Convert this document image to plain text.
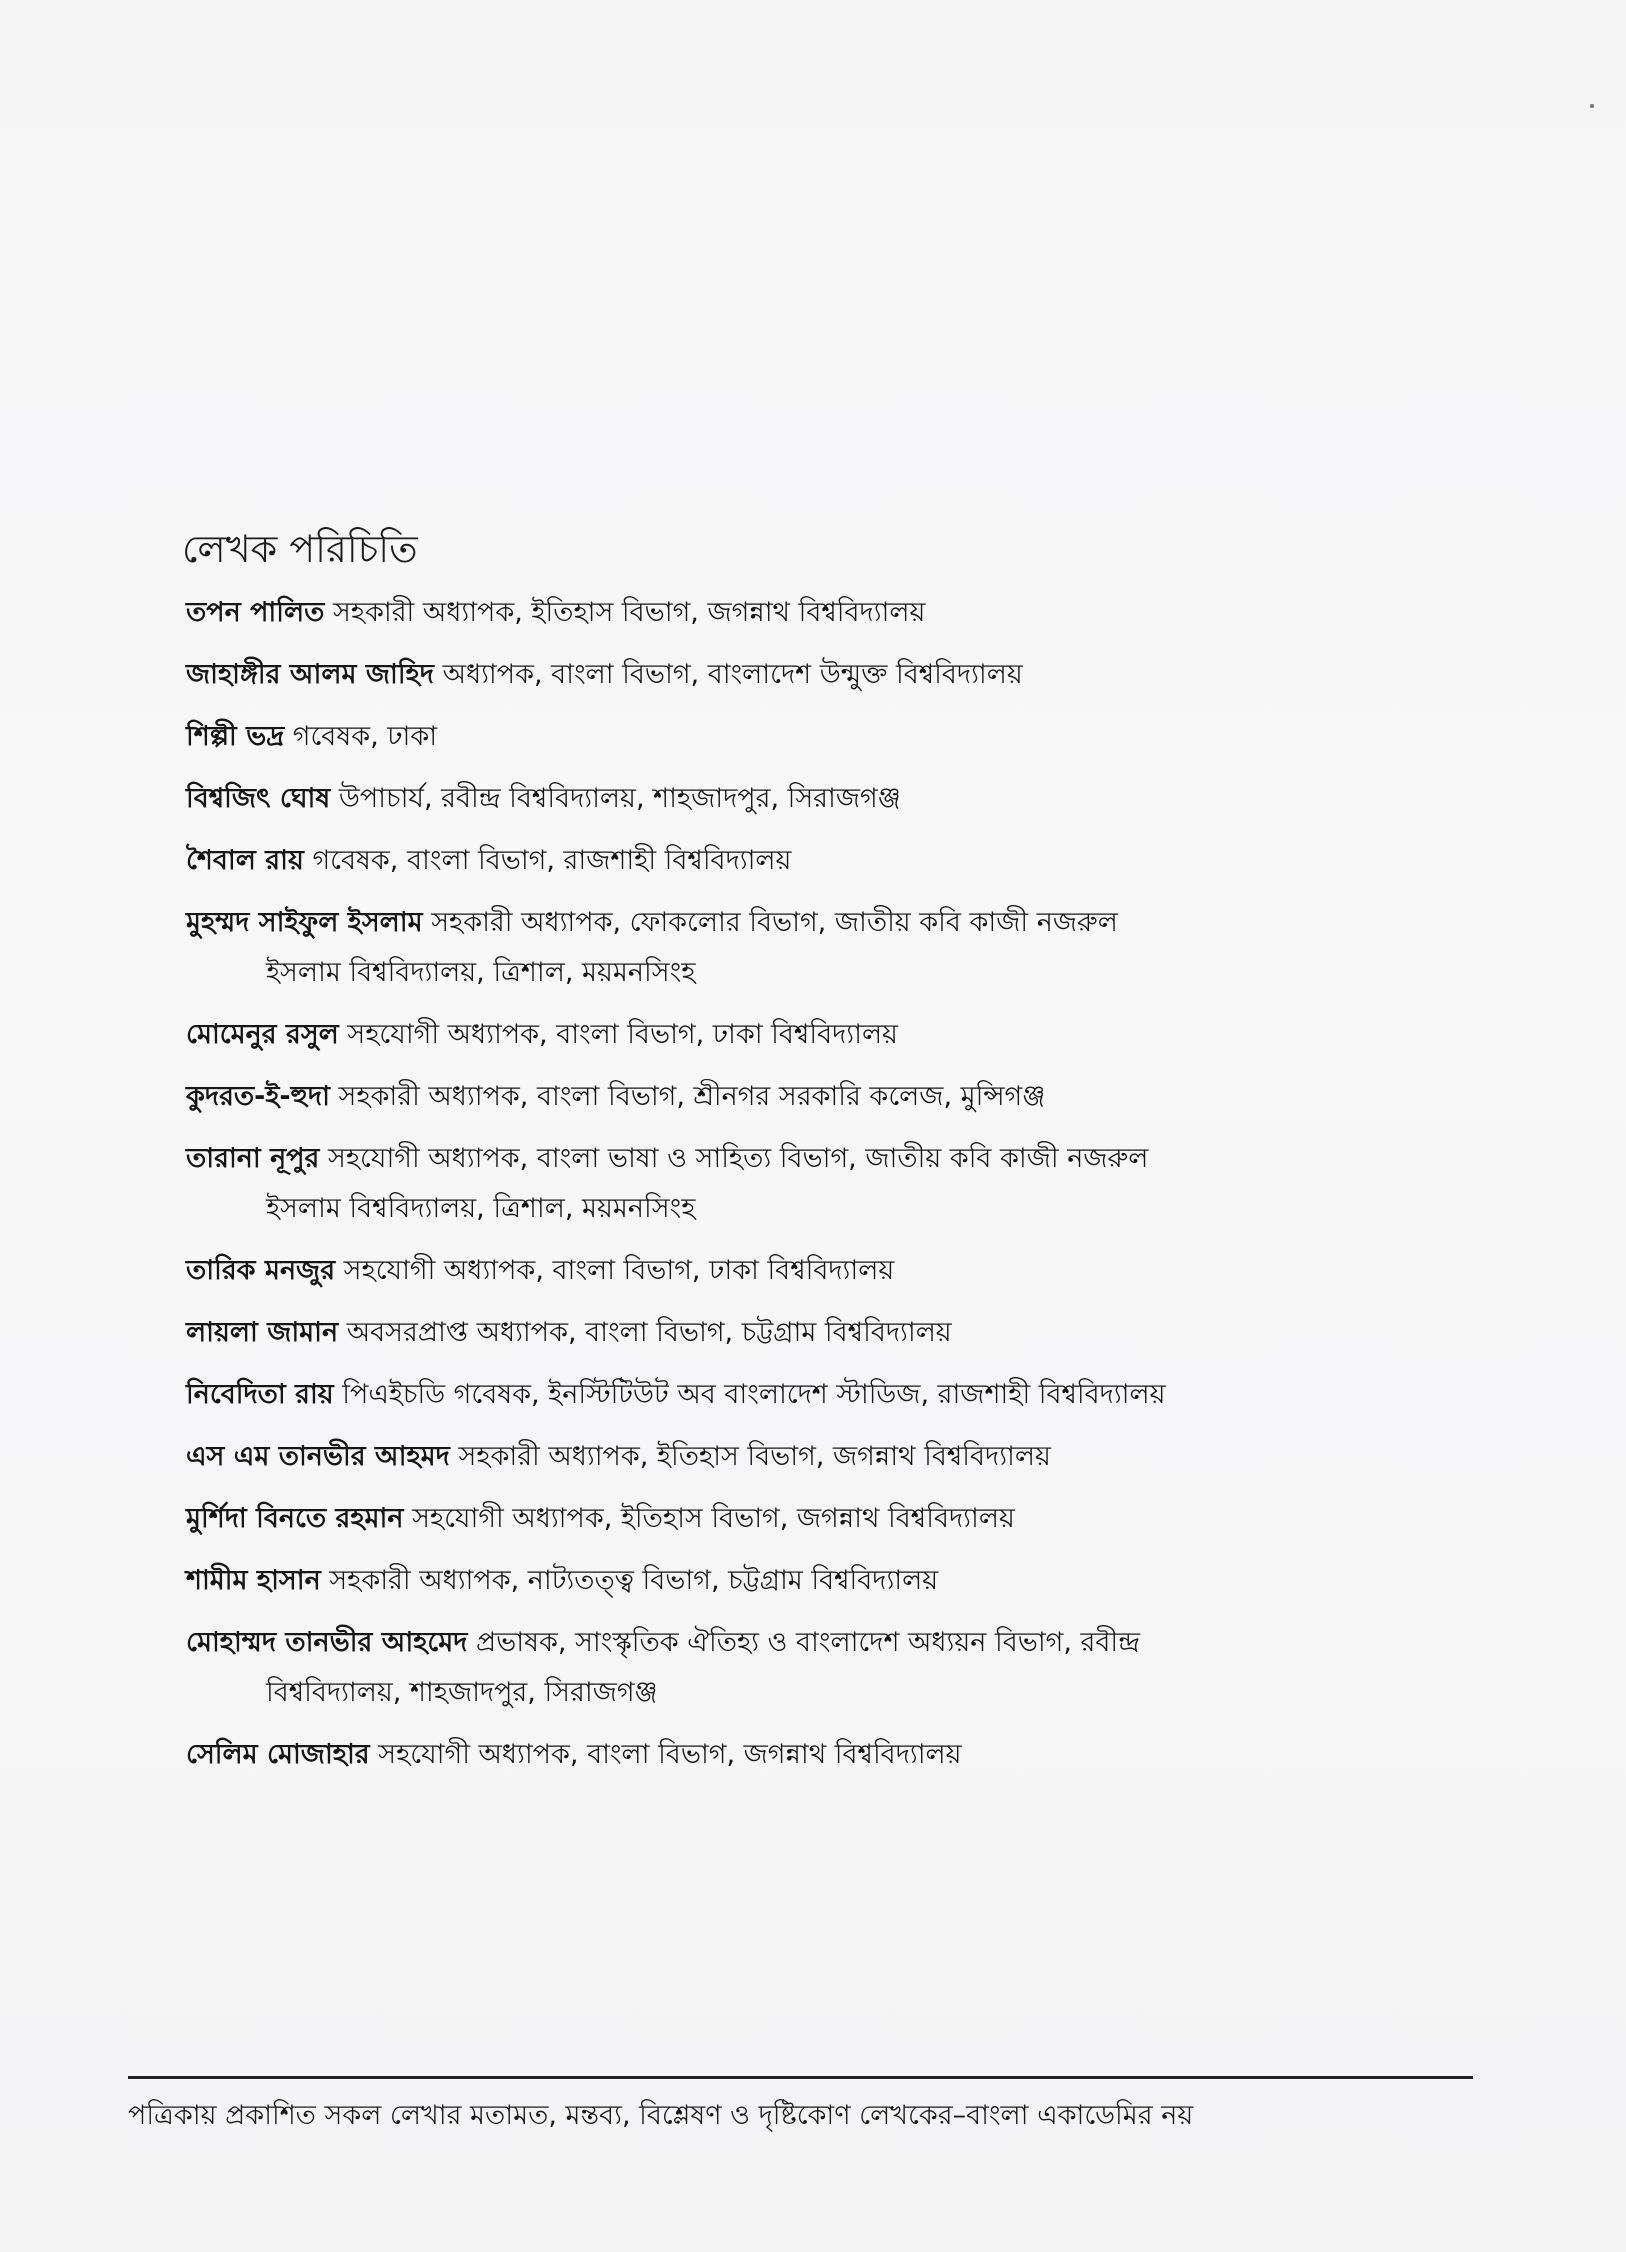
লেখক পরিচিতি
তপন পালিত সহকারী অধ্যাপক, ইতিহাস বিভাগ, জগন্নাথ বিশ্ববিদ্যালয়
জাহাঙ্গীর আলম জাহিদ অধ্যাপক, বাংলা বিভাগ, বাংলাদেশ উন্মুক্ত বিশ্ববিদ্যালয়
শিল্পী ভদ্র গবেষক, ঢাকা
বিশ্বজিৎ ঘোষ উপাচার্য, রবীন্দ্র বিশ্ববিদ্যালয়, শাহজাদপুর, সিরাজগঞ্জ
শৈবাল রায় গবেষক, বাংলা বিভাগ, রাজশাহী বিশ্ববিদ্যালয়
মুহম্মদ সাইফুল ইসলাম সহকারী অধ্যাপক, ফোকলোর বিভাগ, জাতীয় কবি কাজী নজরুল
ইসলাম বিশ্ববিদ্যালয়, ত্রিশাল, ময়মনসিংহ
মোমেনুর রসুল সহযোগী অধ্যাপক, বাংলা বিভাগ, ঢাকা বিশ্ববিদ্যালয়
কুদরত-ই-হুদা সহকারী অধ্যাপক, বাংলা বিভাগ, শ্রীনগর সরকারি কলেজ, মুন্সিগঞ্জ
তারানা নূপুর সহযোগী অধ্যাপক, বাংলা ভাষা ও সাহিত্য বিভাগ, জাতীয় কবি কাজী নজরুল
ইসলাম বিশ্ববিদ্যালয়, ত্রিশাল, ময়মনসিংহ
তারিক মনজুর সহযোগী অধ্যাপক, বাংলা বিভাগ, ঢাকা বিশ্ববিদ্যালয়
লায়লা জামান অবসরপ্রাপ্ত অধ্যাপক, বাংলা বিভাগ, চট্টগ্রাম বিশ্ববিদ্যালয়
নিবেদিতা রায় পিএইচডি গবেষক, ইনস্টিটিউট অব বাংলাদেশ স্টাডিজ, রাজশাহী বিশ্ববিদ্যালয়
এস এম তানভীর আহমদ সহকারী অধ্যাপক, ইতিহাস বিভাগ, জগন্নাথ বিশ্ববিদ্যালয়
মুর্শিদা বিনতে রহমান সহযোগী অধ্যাপক, ইতিহাস বিভাগ, জগন্নাথ বিশ্ববিদ্যালয়
শামীম হাসান সহকারী অধ্যাপক, নাট্যতত্ত্ব বিভাগ, চট্টগ্রাম বিশ্ববিদ্যালয়
মোহাম্মদ তানভীর আহমেদ প্রভাষক, সাংস্কৃতিক ঐতিহ্য ও বাংলাদেশ অধ্যয়ন বিভাগ, রবীন্দ্র
বিশ্ববিদ্যালয়, শাহজাদপুর, সিরাজগঞ্জ
সেলিম মোজাহার সহযোগী অধ্যাপক, বাংলা বিভাগ, জগন্নাথ বিশ্ববিদ্যালয়
পত্রিকায় প্রকাশিত সকল লেখার মতামত, মন্তব্য, বিশ্লেষণ ও দৃষ্টিকোণ লেখকের–বাংলা একাডেমির নয়
